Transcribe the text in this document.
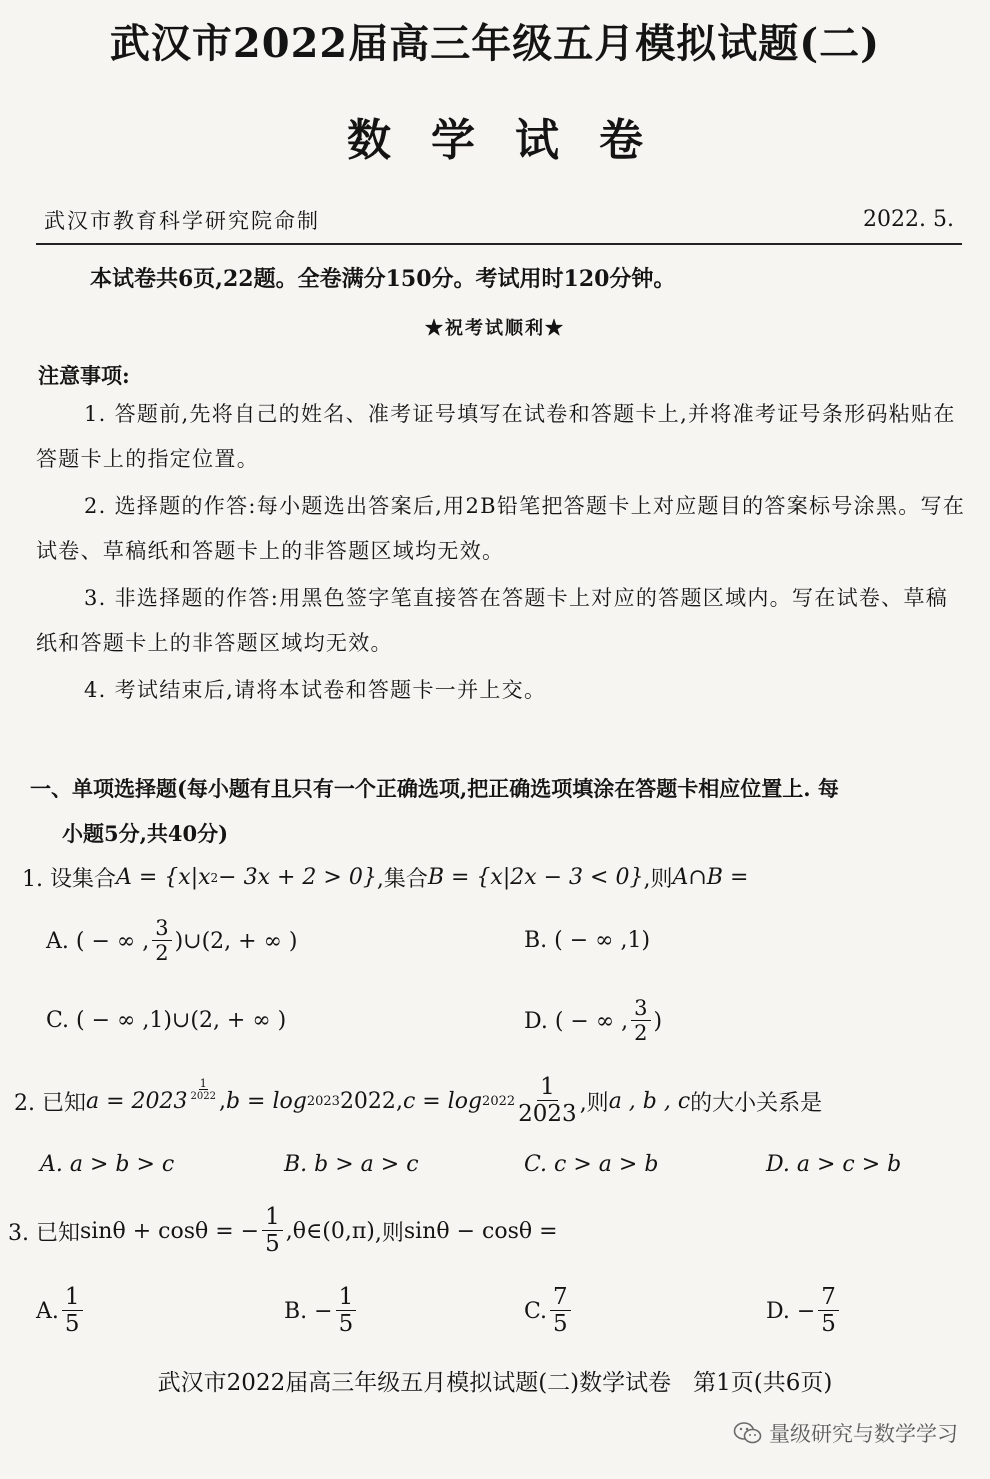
武汉市2022届高三年级五月模拟试题(二)
数学试卷
武汉市教育科学研究院命制	2022. 5.
本试卷共6页,22题。全卷满分150分。考试用时120分钟。
★祝考试顺利★
注意事项:
1. 答题前,先将自己的姓名、准考证号填写在试卷和答题卡上,并将准考证号条形码粘贴在答题卡上的指定位置。
2. 选择题的作答:每小题选出答案后,用2B铅笔把答题卡上对应题目的答案标号涂黑。写在试卷、草稿纸和答题卡上的非答题区域均无效。
3. 非选择题的作答:用黑色签字笔直接答在答题卡上对应的答题区域内。写在试卷、草稿纸和答题卡上的非答题区域均无效。
4. 考试结束后,请将本试卷和答题卡一并上交。
一、单项选择题(每小题有且只有一个正确选项,把正确选项填涂在答题卡相应位置上. 每
小题5分,共40分)
1. 设集合 A = {x|x 2 − 3x + 2 > 0} ,集合 B = {x|2x − 3 < 0} ,则 A∩B =
A. ( − ∞ , $\frac{3}{2}$ )∪(2, + ∞ )	B. ( − ∞ ,1)
C. ( − ∞ ,1)∪(2, + ∞ )	D. ( − ∞ , $\frac{3}{2}$ )
2. 已知 $a = 2023 \frac{1}{2022}$ , b = log 2023 2022 , $c = \log 2022 \frac{1}{2023}$ ,则 a , b , c 的大小关系是
A. a > b > c	B. b > a > c	C. c > a > b	D. a > c > b
3. 已知 sinθ + cosθ = − $\frac{1}{5}$ ,θ∈(0,π) ,则 sinθ − cosθ =
A. $\frac{1}{5}$	B. − $\frac{1}{5}$	C. $\frac{7}{5}$	D. − $\frac{7}{5}$
武汉市2022届高三年级五月模拟试题(二)数学试卷   第1页(共6页)
量级研究与数学学习
